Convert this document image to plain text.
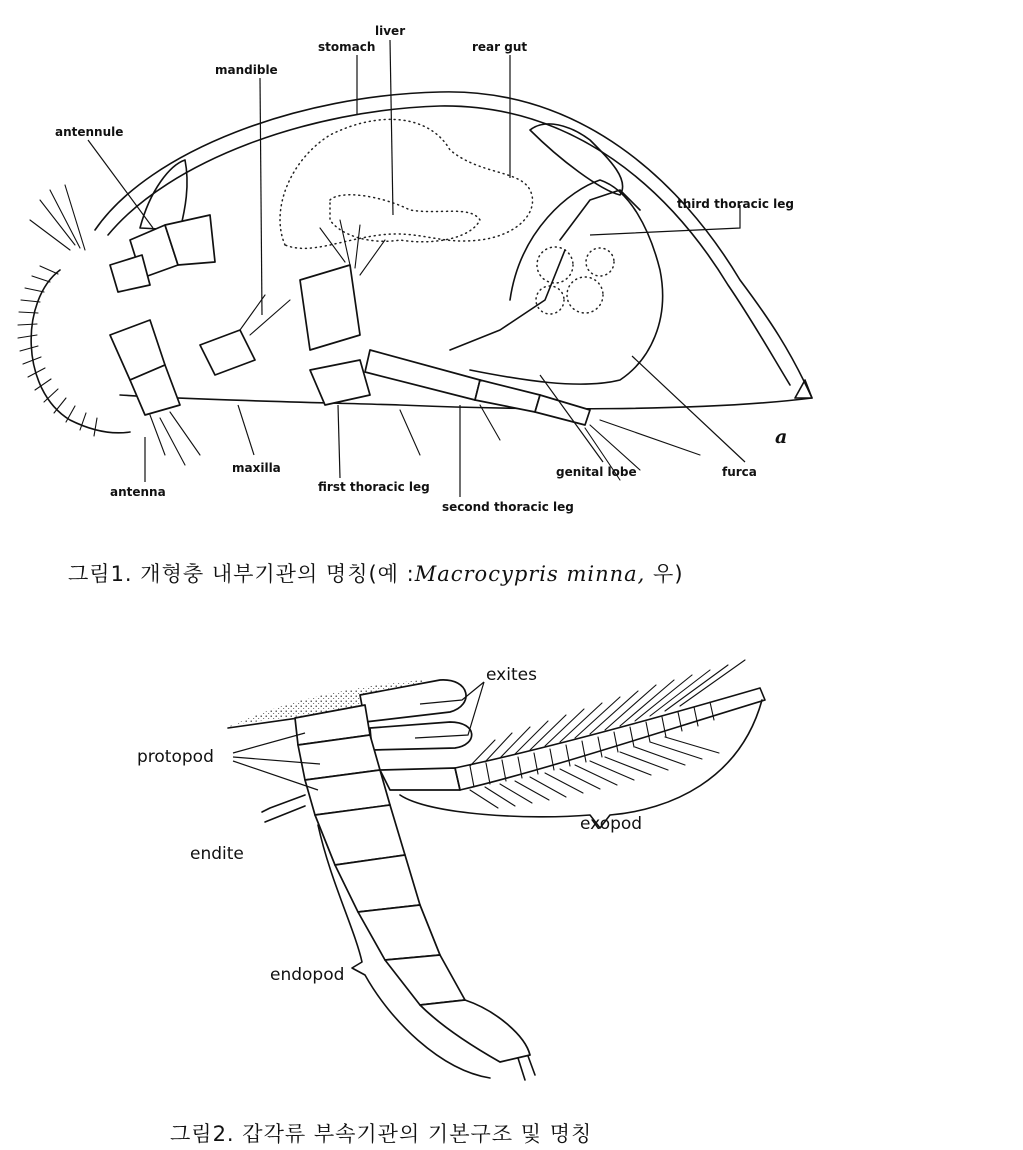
liver
stomach	rear gut
mandible
antennule
third thoracic leg
antenna
maxilla
first thoracic leg
second thoracic leg
genital lobe	furca
a
그림1. 개형충 내부기관의 명칭(예 :Macrocypris minna, 우)
exites
protopod
endite
exopod
endopod
그림2. 갑각류 부속기관의 기본구조 및 명칭
